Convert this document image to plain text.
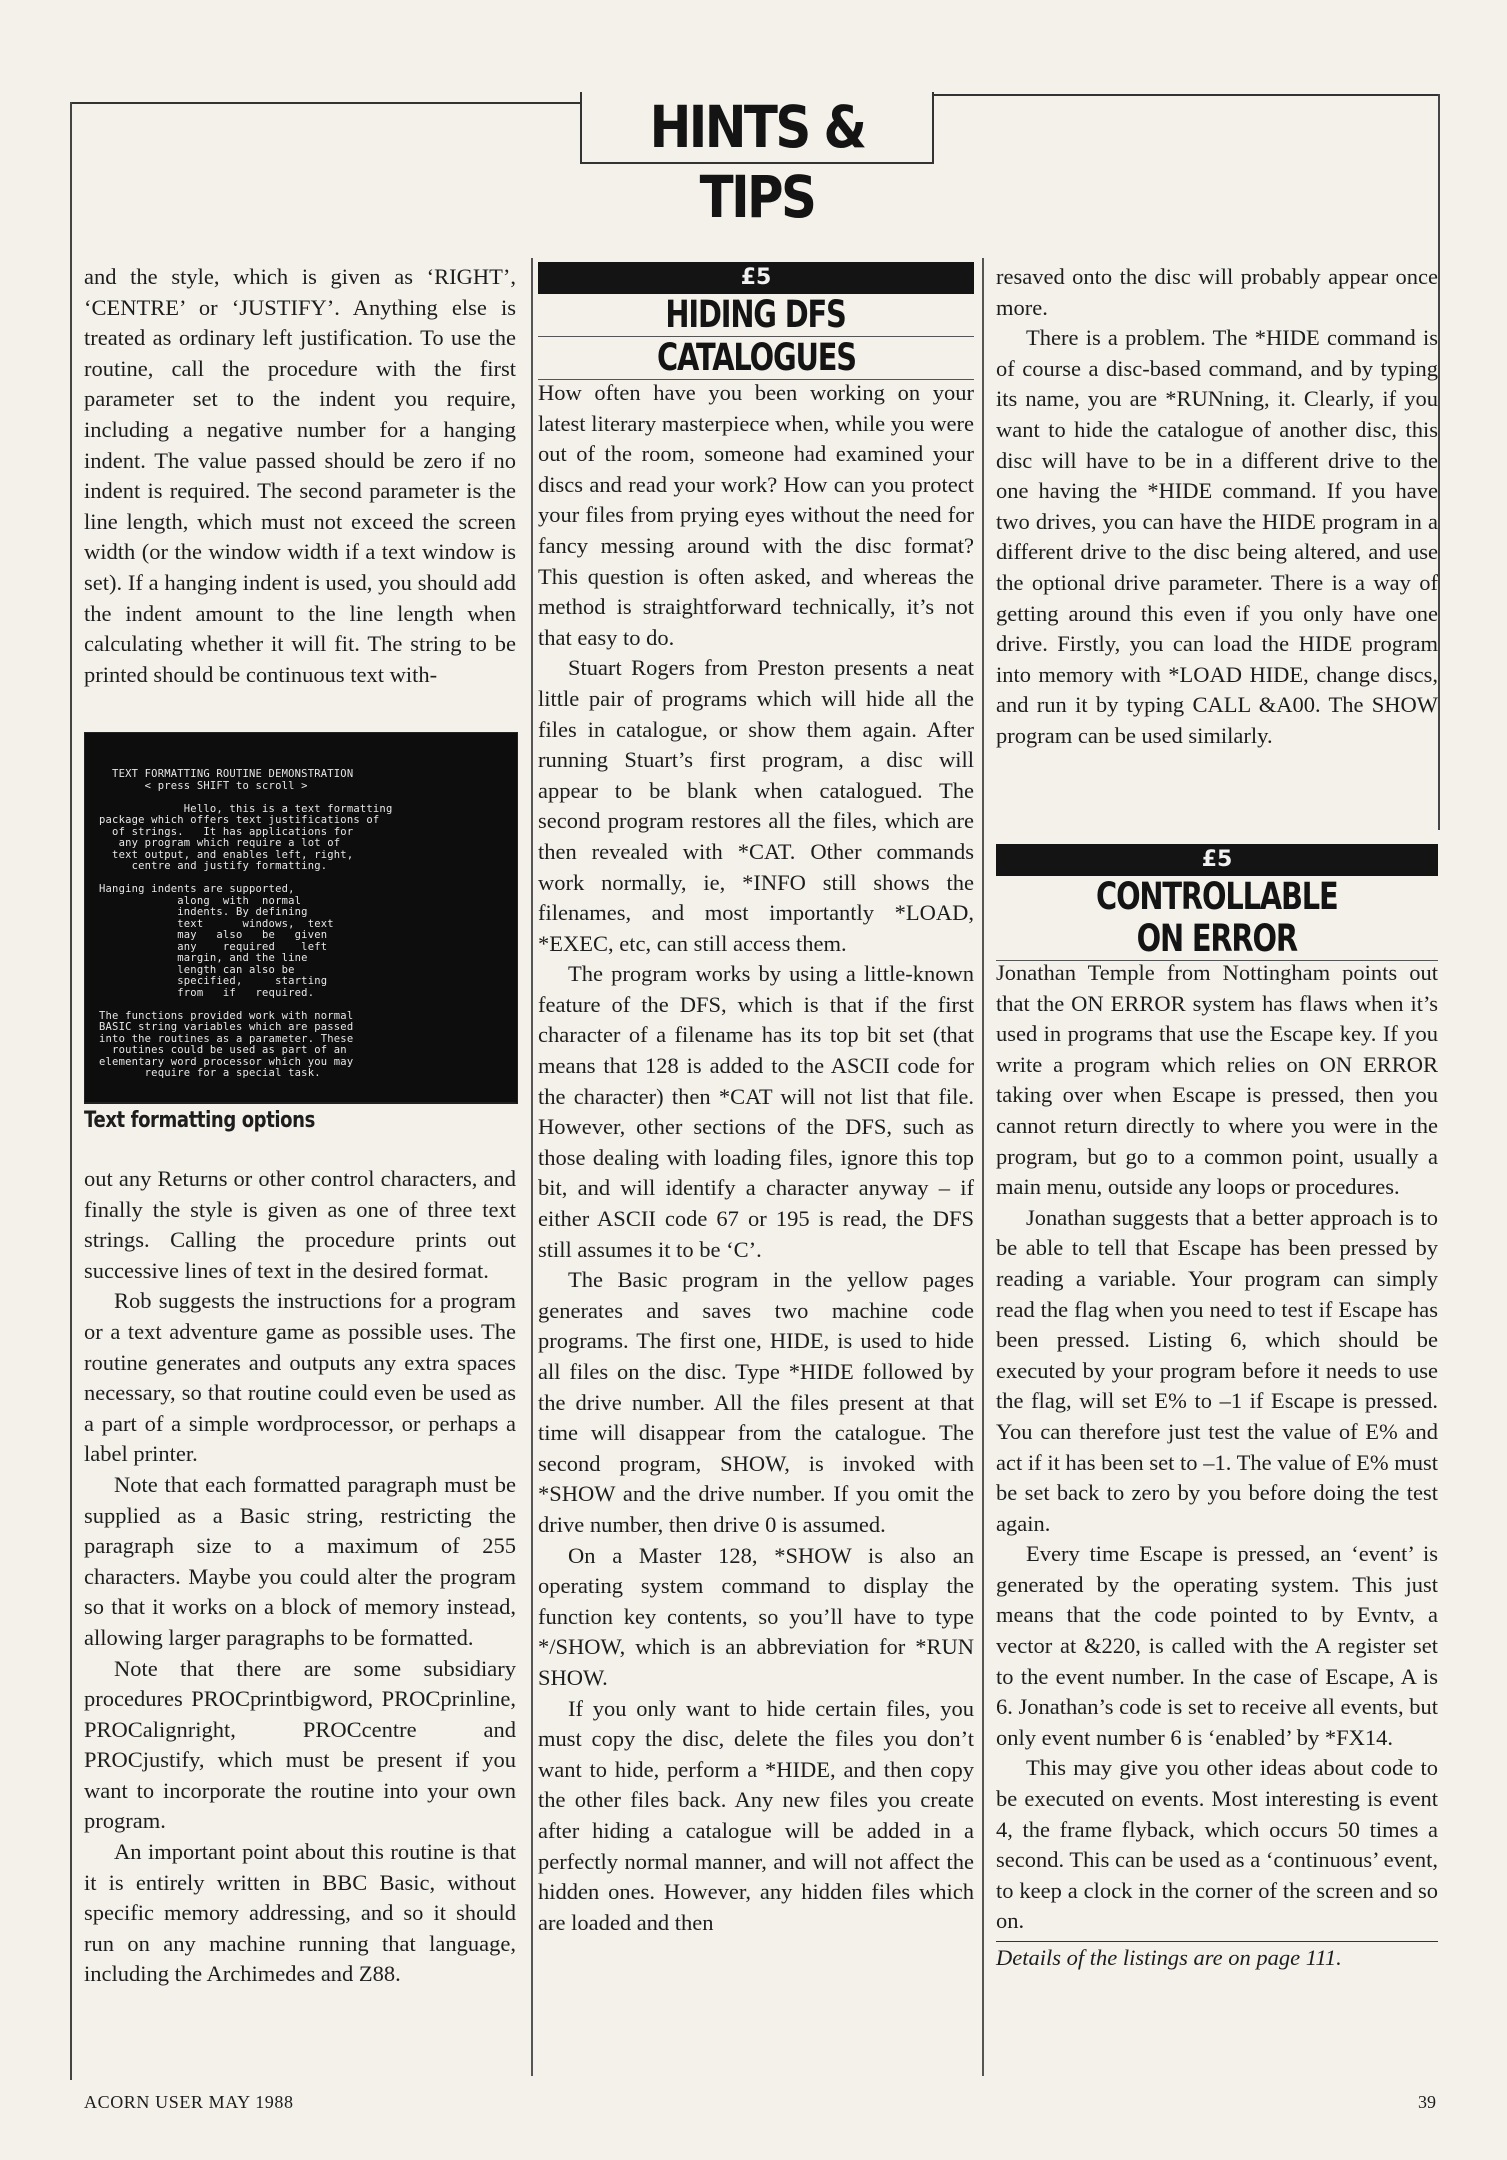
HINTS & TIPS

and the style, which is given as ‘RIGHT’, ‘CENTRE’ or ‘JUSTIFY’. Anything else is treated as ordinary left justification. To use the routine, call the procedure with the first parameter set to the indent you require, including a negative number for a hanging indent. The value passed should be zero if no indent is required. The second parameter is the line length, which must not exceed the screen width (or the window width if a text window is set). If a hanging indent is used, you should add the indent amount to the line length when calculating whether it will fit. The string to be printed should be continuous text with-

TEXT FORMATTING ROUTINE DEMONSTRATION
< press SHIFT to scroll >

Hello, this is a text formatting
package which offers text justifications of
of strings.   It has applications for
any program which require a lot of
text output, and enables left, right,
centre and justify formatting.

Hanging indents are supported,
along  with  normal
indents. By defining
text      windows,  text
may   also   be   given
any    required    left
margin, and the line
length can also be
specified,     starting
from   if   required.

The functions provided work with normal
BASIC string variables which are passed
into the routines as a parameter. These
routines could be used as part of an
elementary word processor which you may
require for a special task.
Text formatting options

out any Returns or other control characters, and finally the style is given as one of three text strings. Calling the procedure prints out successive lines of text in the desired format.

Rob suggests the instructions for a program or a text adventure game as possible uses. The routine generates and outputs any extra spaces necessary, so that routine could even be used as a part of a simple wordprocessor, or perhaps a label printer.

Note that each formatted paragraph must be supplied as a Basic string, restricting the paragraph size to a maximum of 255 characters. Maybe you could alter the program so that it works on a block of memory instead, allowing larger paragraphs to be formatted.

Note that there are some subsidiary procedures PROCprintbigword, PROCprinline, PROCalignright, PROCcentre and PROCjustify, which must be present if you want to incorporate the routine into your own program.

An important point about this routine is that it is entirely written in BBC Basic, without specific memory addressing, and so it should run on any machine running that language, including the Archimedes and Z88.

£5
HIDING DFS
CATALOGUES

How often have you been working on your latest literary masterpiece when, while you were out of the room, someone had examined your discs and read your work? How can you protect your files from prying eyes without the need for fancy messing around with the disc format? This question is often asked, and whereas the method is straightforward technically, it’s not that easy to do.

Stuart Rogers from Preston presents a neat little pair of programs which will hide all the files in catalogue, or show them again. After running Stuart’s first program, a disc will appear to be blank when catalogued. The second program restores all the files, which are then revealed with *CAT. Other commands work normally, ie, *INFO still shows the filenames, and most importantly *LOAD, *EXEC, etc, can still access them.

The program works by using a little-known feature of the DFS, which is that if the first character of a filename has its top bit set (that means that 128 is added to the ASCII code for the character) then *CAT will not list that file. However, other sections of the DFS, such as those dealing with loading files, ignore this top bit, and will identify a character anyway – if either ASCII code 67 or 195 is read, the DFS still assumes it to be ‘C’.

The Basic program in the yellow pages generates and saves two machine code programs. The first one, HIDE, is used to hide all files on the disc. Type *HIDE followed by the drive number. All the files present at that time will disappear from the catalogue. The second program, SHOW, is invoked with *SHOW and the drive number. If you omit the drive number, then drive 0 is assumed.

On a Master 128, *SHOW is also an operating system command to display the function key contents, so you’ll have to type */SHOW, which is an abbreviation for *RUN SHOW.

If you only want to hide certain files, you must copy the disc, delete the files you don’t want to hide, perform a *HIDE, and then copy the other files back. Any new files you create after hiding a catalogue will be added in a perfectly normal manner, and will not affect the hidden ones. However, any hidden files which are loaded and then

resaved onto the disc will probably appear once more.

There is a problem. The *HIDE command is of course a disc-based command, and by typing its name, you are *RUNning, it. Clearly, if you want to hide the catalogue of another disc, this disc will have to be in a different drive to the one having the *HIDE command. If you have two drives, you can have the HIDE program in a different drive to the disc being altered, and use the optional drive parameter. There is a way of getting around this even if you only have one drive. Firstly, you can load the HIDE program into memory with *LOAD HIDE, change discs, and run it by typing CALL &A00. The SHOW program can be used similarly.

£5
CONTROLLABLE
ON ERROR

Jonathan Temple from Nottingham points out that the ON ERROR system has flaws when it’s used in programs that use the Escape key. If you write a program which relies on ON ERROR taking over when Escape is pressed, then you cannot return directly to where you were in the program, but go to a common point, usually a main menu, outside any loops or procedures.

Jonathan suggests that a better approach is to be able to tell that Escape has been pressed by reading a variable. Your program can simply read the flag when you need to test if Escape has been pressed. Listing 6, which should be executed by your program before it needs to use the flag, will set E% to –1 if Escape is pressed. You can therefore just test the value of E% and act if it has been set to –1. The value of E% must be set back to zero by you before doing the test again.

Every time Escape is pressed, an ‘event’ is generated by the operating system. This just means that the code pointed to by Evntv, a vector at &220, is called with the A register set to the event number. In the case of Escape, A is 6. Jonathan’s code is set to receive all events, but only event number 6 is ‘enabled’ by *FX14.

This may give you other ideas about code to be executed on events. Most interesting is event 4, the frame flyback, which occurs 50 times a second. This can be used as a ‘continuous’ event, to keep a clock in the corner of the screen and so on.

Details of the listings are on page 111.

ACORN USER MAY 1988	39
